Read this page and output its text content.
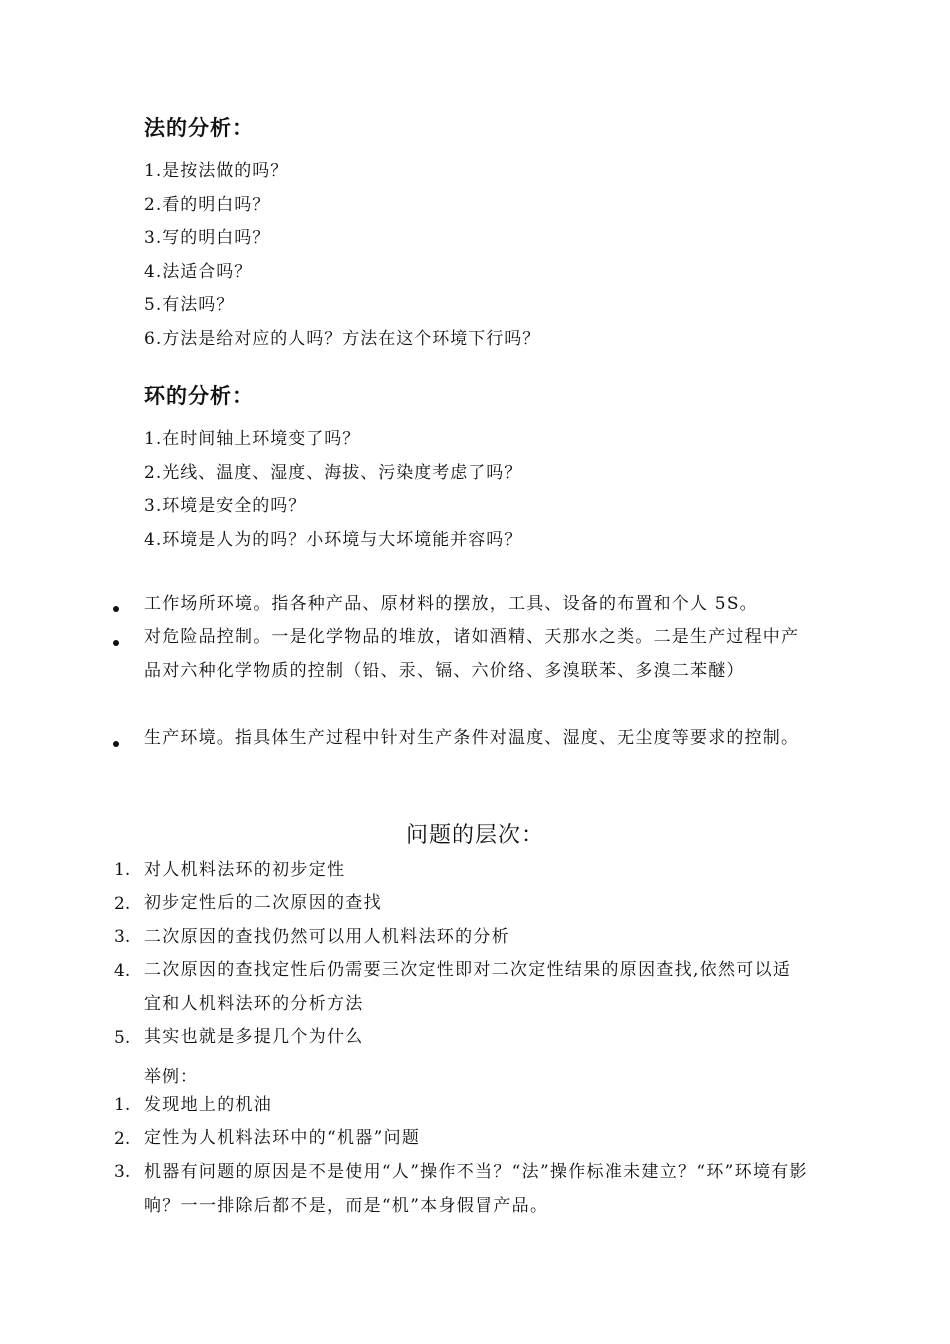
法的分析：
1.是按法做的吗？
2.看的明白吗？
3.写的明白吗？
4.法适合吗？
5.有法吗？
6.方法是给对应的人吗？方法在这个环境下行吗？
环的分析：
1.在时间轴上环境变了吗？
2.光线、温度、湿度、海拔、污染度考虑了吗？
3.环境是安全的吗？
4.环境是人为的吗？小环境与大坏境能并容吗？
工作场所环境。指各种产品、原材料的摆放，工具、设备的布置和个人 5S。
对危险品控制。一是化学物品的堆放，诸如酒精、天那水之类。二是生产过程中产品对六种化学物质的控制（铅、汞、镉、六价络、多溴联苯、多溴二苯醚）
生产环境。指具体生产过程中针对生产条件对温度、湿度、无尘度等要求的控制。
问题的层次：
1. 对人机料法环的初步定性
2. 初步定性后的二次原因的查找
3. 二次原因的查找仍然可以用人机料法环的分析
4. 二次原因的查找定性后仍需要三次定性即对二次定性结果的原因查找,依然可以适宜和人机料法环的分析方法
5. 其实也就是多提几个为什么
举例：
1. 发现地上的机油
2. 定性为人机料法环中的“机器”问题
3. 机器有问题的原因是不是使用“人”操作不当？“法”操作标准未建立？“环”环境有影响？一一排除后都不是，而是“机”本身假冒产品。
